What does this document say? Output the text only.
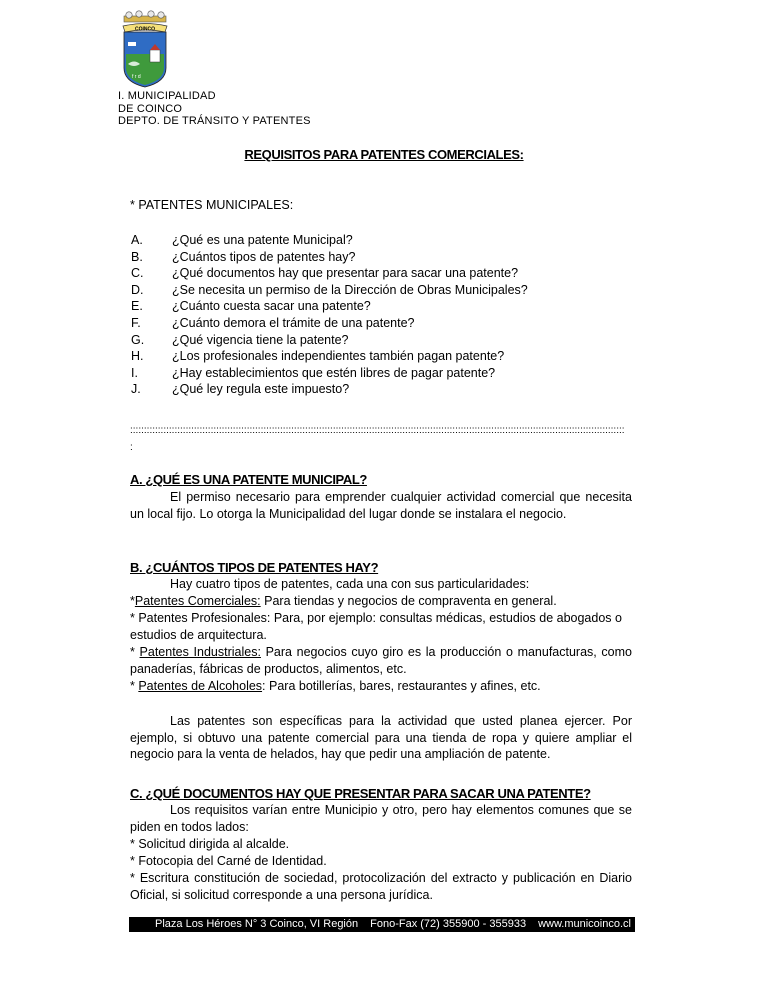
COINCO
f r d
I. MUNICIPALIDAD
DE COINCO
DEPTO. DE TRÁNSITO Y PATENTES
REQUISITOS PARA PATENTES COMERCIALES:
* PATENTES MUNICIPALES:
A. ¿Qué es una patente Municipal?
B. ¿Cuántos tipos de patentes hay?
C. ¿Qué documentos hay que presentar para sacar una patente?
D. ¿Se necesita un permiso de la Dirección de Obras Municipales?
E. ¿Cuánto cuesta sacar una patente?
F.	¿Cuánto demora el trámite de una patente?
G. ¿Qué vigencia tiene la patente?
H. ¿Los profesionales independientes también pagan patente?
I.	¿Hay establecimientos que estén libres de pagar patente?
J.	¿Qué ley regula este impuesto?
::::::::::::::::::::::::::::::::::::::::::::::::::::::::::::::::::::::::::::::::::::::::::::::::::::::::::::::::::::::::::::::::::::::::::::::::::::::::::::::::::::::::::::::::::
:
A. ¿QUÉ ES UNA PATENTE MUNICIPAL?

El permiso necesario para emprender cualquier actividad comercial que necesita un local fijo. Lo otorga la Municipalidad del lugar donde se instalara el negocio.

B. ¿CUÁNTOS TIPOS DE PATENTES HAY?

Hay cuatro tipos de patentes, cada una con sus particularidades:

*Patentes Comerciales: Para tiendas y negocios de compraventa en general.

* Patentes Profesionales: Para, por ejemplo: consultas médicas, estudios de abogados o estudios de arquitectura.

* Patentes Industriales: Para negocios cuyo giro es la producción o manufacturas, como panaderías, fábricas de productos, alimentos, etc.

* Patentes de Alcoholes: Para botillerías, bares, restaurantes y afines, etc.

Las patentes son específicas para la actividad que usted planea ejercer. Por ejemplo, si obtuvo una patente comercial para una tienda de ropa y quiere ampliar el negocio para la venta de helados, hay que pedir una ampliación de patente.

C. ¿QUÉ DOCUMENTOS HAY QUE PRESENTAR PARA SACAR UNA PATENTE?

Los requisitos varían entre Municipio y otro, pero hay elementos comunes que se piden en todos lados:

* Solicitud dirigida al alcalde.

* Fotocopia del Carné de Identidad.

* Escritura constitución de sociedad, protocolización del extracto y publicación en Diario Oficial, si solicitud corresponde a una persona jurídica.

Plaza Los Héroes N° 3 Coinco, VI Región Fono-Fax (72) 355900 - 355933 www.municoinco.cl
